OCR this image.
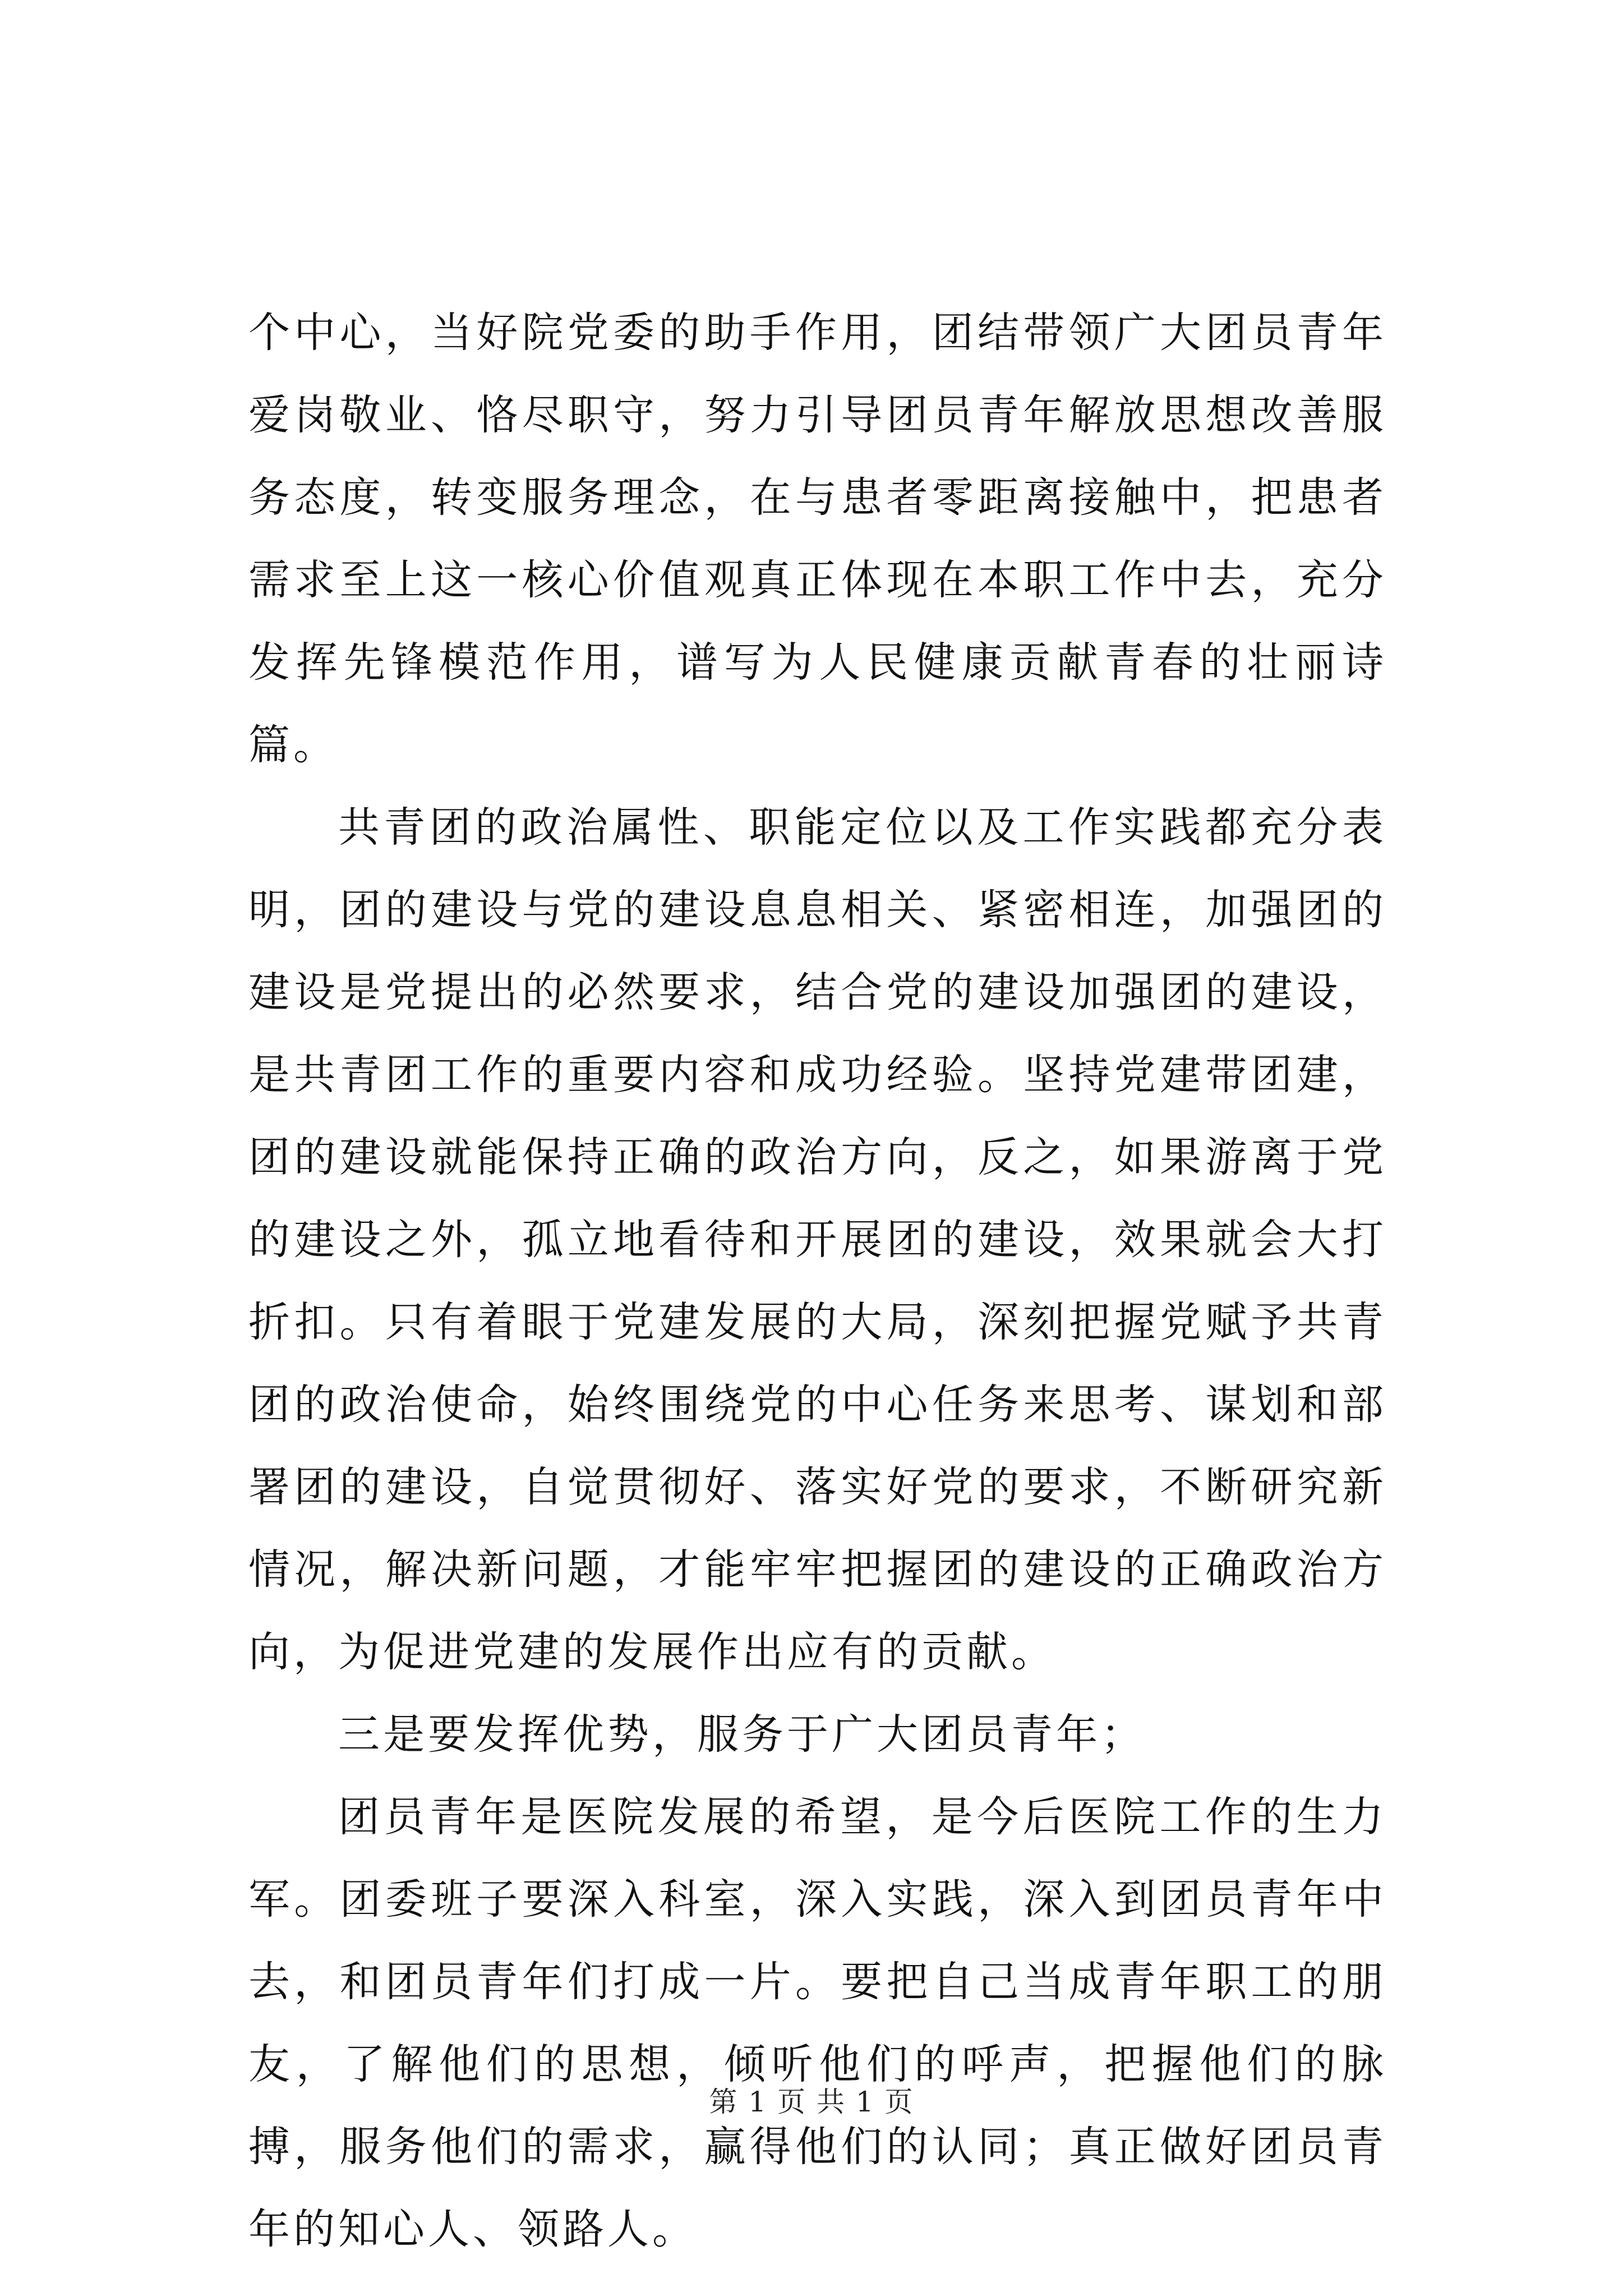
个中心，当好院党委的助手作用，团结带领广大团员青年爱岗敬业、恪尽职守，努力引导团员青年解放思想改善服务态度，转变服务理念，在与患者零距离接触中，把患者需求至上这一核心价值观真正体现在本职工作中去，充分发挥先锋模范作用，谱写为人民健康贡献青春的壮丽诗篇。

共青团的政治属性、职能定位以及工作实践都充分表明，团的建设与党的建设息息相关、紧密相连，加强团的建设是党提出的必然要求，结合党的建设加强团的建设，是共青团工作的重要内容和成功经验。坚持党建带团建，团的建设就能保持正确的政治方向，反之，如果游离于党的建设之外，孤立地看待和开展团的建设，效果就会大打折扣。只有着眼于党建发展的大局，深刻把握党赋予共青团的政治使命，始终围绕党的中心任务来思考、谋划和部署团的建设，自觉贯彻好、落实好党的要求，不断研究新情况，解决新问题，才能牢牢把握团的建设的正确政治方向，为促进党建的发展作出应有的贡献。

三是要发挥优势，服务于广大团员青年；

团员青年是医院发展的希望，是今后医院工作的生力军。团委班子要深入科室，深入实践，深入到团员青年中去，和团员青年们打成一片。要把自己当成青年职工的朋友，了解他们的思想，倾听他们的呼声，把握他们的脉搏，服务他们的需求，赢得他们的认同；真正做好团员青年的知心人、领路人。

第 1 页 共 1 页
